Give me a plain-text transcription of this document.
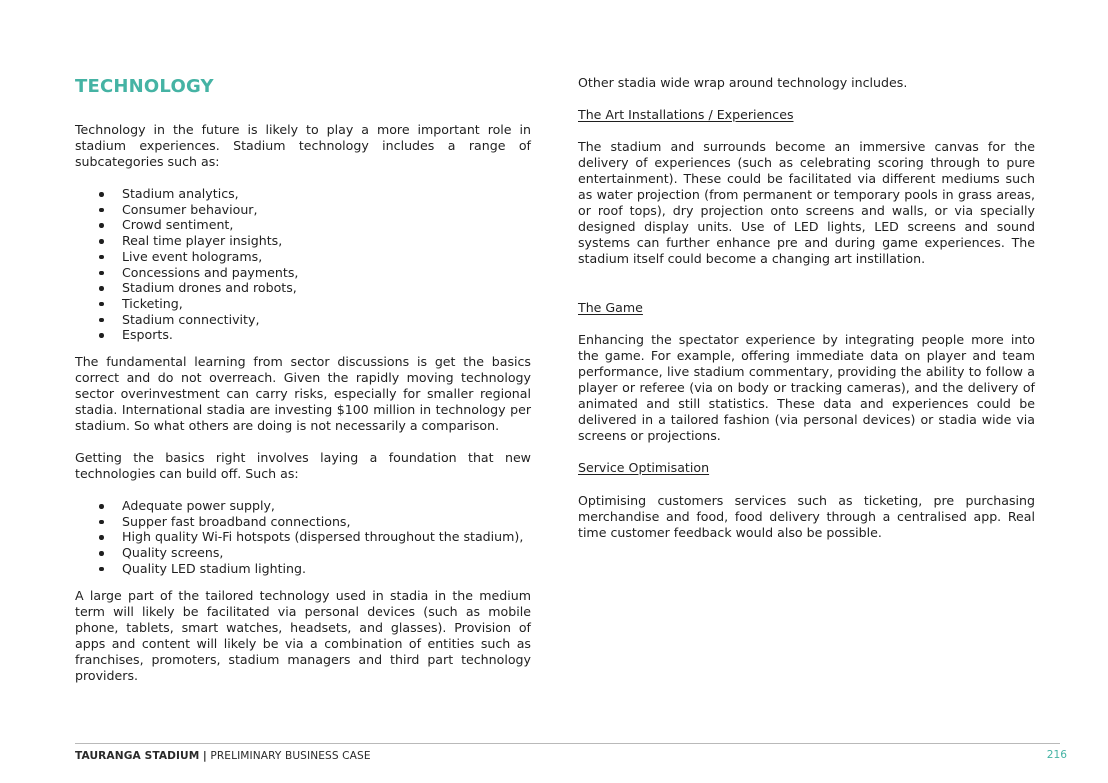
TECHNOLOGY

Technology in the future is likely to play a more important role in stadium experiences. Stadium technology includes a range of subcategories such as:

Stadium analytics,
Consumer behaviour,
Crowd sentiment,
Real time player insights,
Live event holograms,
Concessions and payments,
Stadium drones and robots,
Ticketing,
Stadium connectivity,
Esports.

The fundamental learning from sector discussions is get the basics correct and do not overreach. Given the rapidly moving technology sector overinvestment can carry risks, especially for smaller regional stadia. International stadia are investing $100 million in technology per stadium. So what others are doing is not necessarily a comparison.

Getting the basics right involves laying a foundation that new technologies can build off. Such as:

Adequate power supply,
Supper fast broadband connections,
High quality Wi-Fi hotspots (dispersed throughout the stadium),
Quality screens,
Quality LED stadium lighting.

A large part of the tailored technology used in stadia in the medium term will likely be facilitated via personal devices (such as mobile phone, tablets, smart watches, headsets, and glasses). Provision of apps and content will likely be via a combination of entities such as franchises, promoters, stadium managers and third part technology providers.

Other stadia wide wrap around technology includes.

The Art Installations / Experiences

The stadium and surrounds become an immersive canvas for the delivery of experiences (such as celebrating scoring through to pure entertainment). These could be facilitated via different mediums such as water projection (from permanent or temporary pools in grass areas, or roof tops), dry projection onto screens and walls, or via specially designed display units. Use of LED lights, LED screens and sound systems can further enhance pre and during game experiences. The stadium itself could become a changing art instillation.

The Game

Enhancing the spectator experience by integrating people more into the game. For example, offering immediate data on player and team performance, live stadium commentary, providing the ability to follow a player or referee (via on body or tracking cameras), and the delivery of animated and still statistics. These data and experiences could be delivered in a tailored fashion (via personal devices) or stadia wide via screens or projections.

Service Optimisation

Optimising customers services such as ticketing, pre purchasing merchandise and food, food delivery through a centralised app. Real time customer feedback would also be possible.

TAURANGA STADIUM | PRELIMINARY BUSINESS CASE	216
